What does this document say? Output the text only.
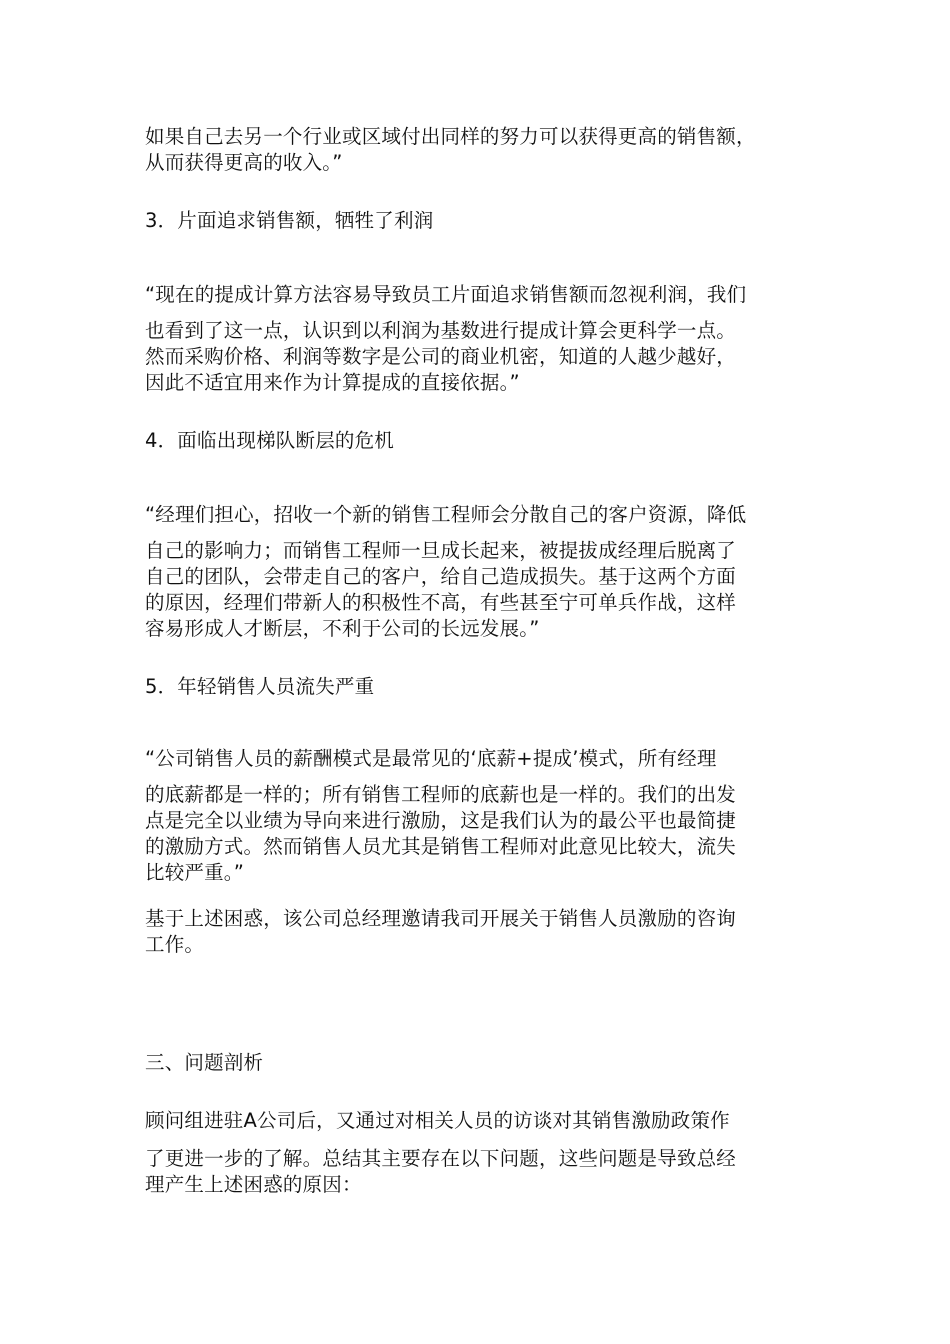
如果自己去另一个行业或区域付出同样的努力可以获得更高的销售额，
从而获得更高的收入。”
3．片面追求销售额，牺牲了利润
“现在的提成计算方法容易导致员工片面追求销售额而忽视利润，我们
也看到了这一点，认识到以利润为基数进行提成计算会更科学一点。
然而采购价格、利润等数字是公司的商业机密，知道的人越少越好，
因此不适宜用来作为计算提成的直接依据。”
4．面临出现梯队断层的危机
“经理们担心，招收一个新的销售工程师会分散自己的客户资源，降低
自己的影响力；而销售工程师一旦成长起来，被提拔成经理后脱离了
自己的团队，会带走自己的客户，给自己造成损失。基于这两个方面
的原因，经理们带新人的积极性不高，有些甚至宁可单兵作战，这样
容易形成人才断层，不利于公司的长远发展。”
5．年轻销售人员流失严重
“公司销售人员的薪酬模式是最常见的‘底薪+提成’模式，所有经理
的底薪都是一样的；所有销售工程师的底薪也是一样的。我们的出发
点是完全以业绩为导向来进行激励，这是我们认为的最公平也最简捷
的激励方式。然而销售人员尤其是销售工程师对此意见比较大，流失
比较严重。”
基于上述困惑，该公司总经理邀请我司开展关于销售人员激励的咨询
工作。
三、问题剖析
顾问组进驻A公司后，又通过对相关人员的访谈对其销售激励政策作
了更进一步的了解。总结其主要存在以下问题，这些问题是导致总经
理产生上述困惑的原因：
